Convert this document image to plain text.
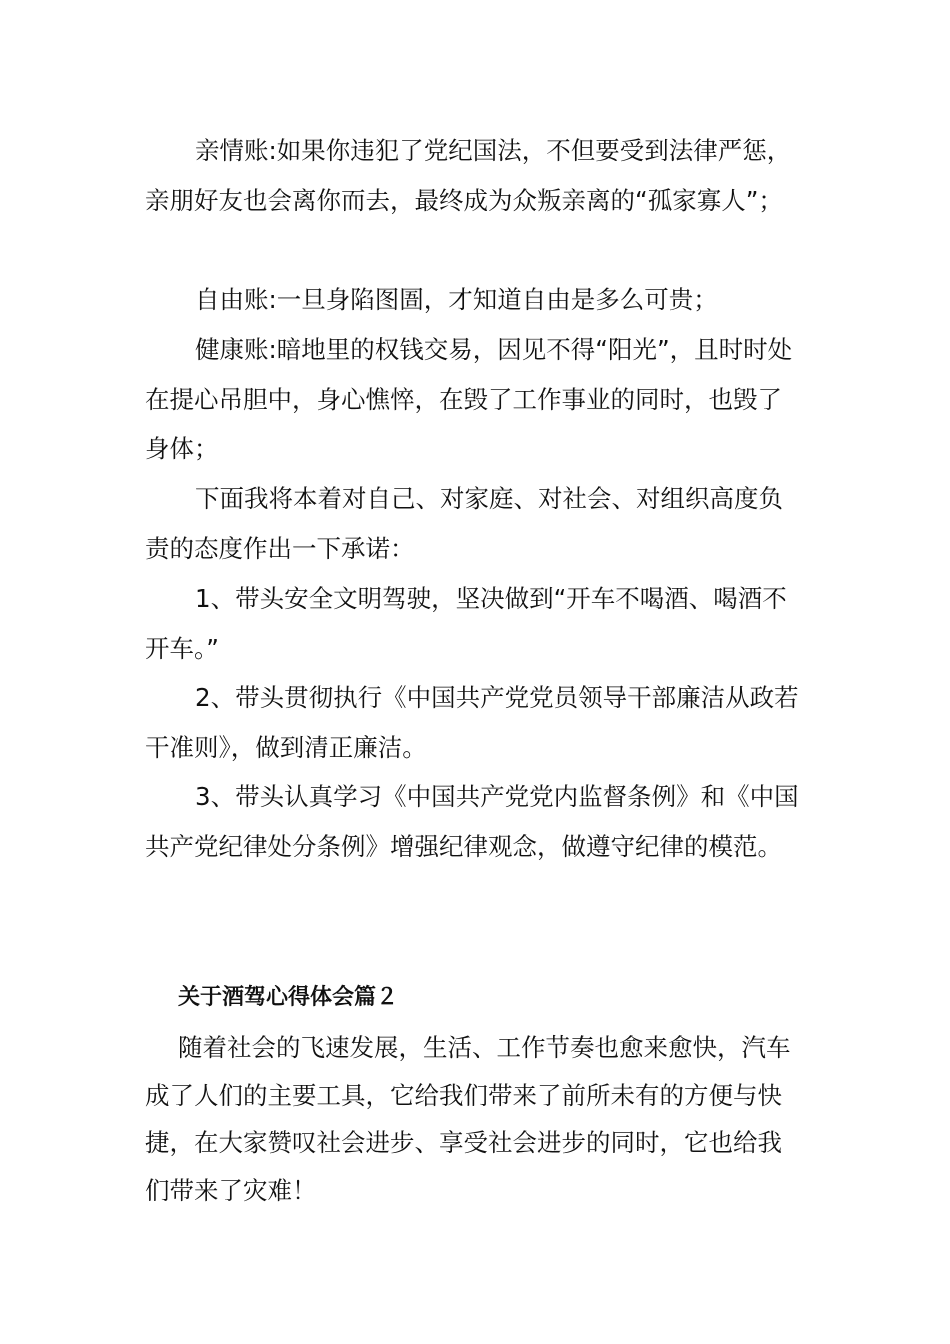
亲情账:如果你违犯了党纪国法，不但要受到法律严惩，亲朋好友也会离你而去，最终成为众叛亲离的“孤家寡人”；

自由账:一旦身陷图圄，才知道自由是多么可贵；

健康账:暗地里的权钱交易，因见不得“阳光”，且时时处在提心吊胆中，身心憔悴，在毁了工作事业的同时，也毁了身体；

下面我将本着对自己、对家庭、对社会、对组织高度负责的态度作出一下承诺：

1、带头安全文明驾驶，坚决做到“开车不喝酒、喝酒不开车。”

2、带头贯彻执行《中国共产党党员领导干部廉洁从政若干准则》，做到清正廉洁。

3、带头认真学习《中国共产党党内监督条例》和《中国共产党纪律处分条例》增强纪律观念，做遵守纪律的模范。

关于酒驾心得体会篇２

随着社会的飞速发展，生活、工作节奏也愈来愈快，汽车成了人们的主要工具，它给我们带来了前所未有的方便与快捷，在大家赞叹社会进步、享受社会进步的同时，它也给我们带来了灾难！
